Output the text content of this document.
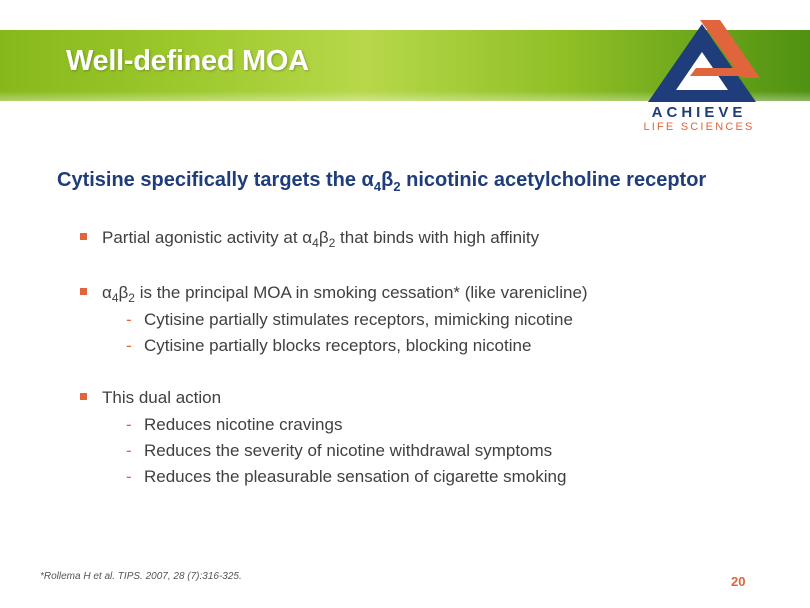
Well-defined MOA
ACHIEVE
LIFE SCIENCES
Cytisine specifically targets the $\alpha_4\beta_2$ nicotinic acetylcholine receptor
Partial agonistic activity at $\alpha_4\beta_2$ that binds with high affinity
$\alpha_4\beta_2$ is the principal MOA in smoking cessation* (like varenicline)
- Cytisine partially stimulates receptors, mimicking nicotine
- Cytisine partially blocks receptors, blocking nicotine
This dual action
- Reduces nicotine cravings
- Reduces the severity of nicotine withdrawal symptoms
- Reduces the pleasurable sensation of cigarette smoking
*Rollema H et al. TIPS. 2007, 28 (7):316-325.	20
